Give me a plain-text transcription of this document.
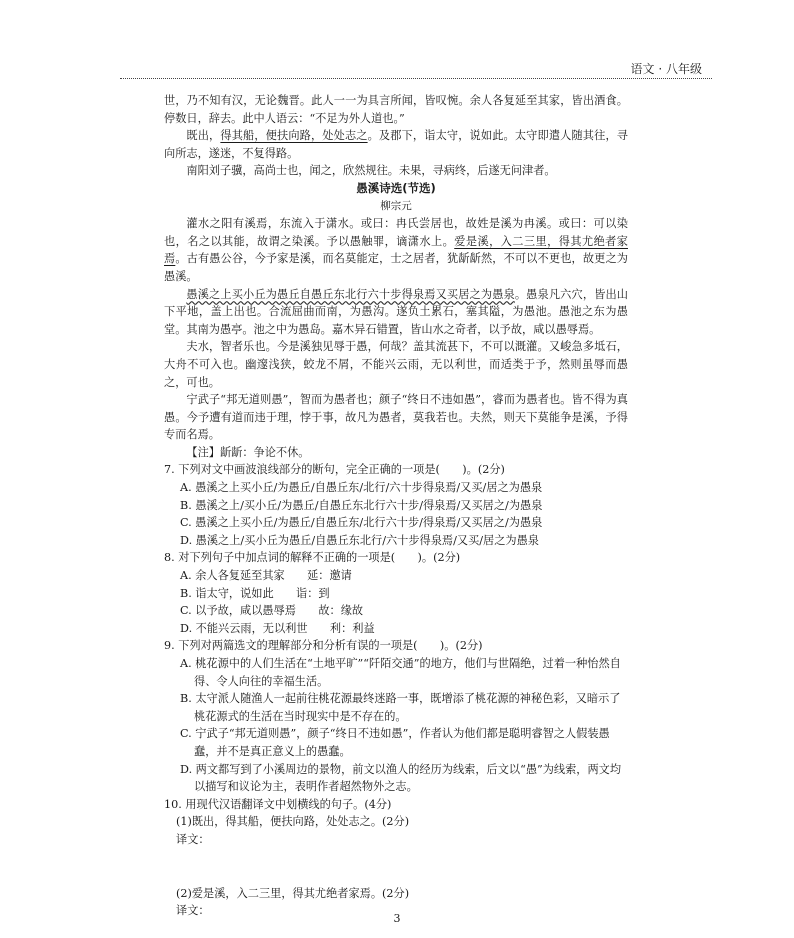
语文 · 八年级

世，乃不知有汉，无论魏晋。此人一一为具言所闻，皆叹惋。余人各复延至其家，皆出酒食。停数日，辞去。此中人语云：“不足为外人道也。”

既出，得其船，便扶向路，处处志之。及郡下，诣太守，说如此。太守即遣人随其往，寻向所志，遂迷，不复得路。

南阳刘子骥，高尚士也，闻之，欣然规往。未果，寻病终，后遂无问津者。

愚溪诗选(节选)

柳宗元

灌水之阳有溪焉，东流入于潇水。或曰：冉氏尝居也，故姓是溪为冉溪。或曰：可以染也，名之以其能，故谓之染溪。予以愚触罪，谪潇水上。爱是溪，入二三里，得其尤绝者家焉。古有愚公谷，今予家是溪，而名莫能定，士之居者，犹龂龂然，不可以不更也，故更之为愚溪。

愚溪之上买小丘为愚丘自愚丘东北行六十步得泉焉又买居之为愚泉。愚泉凡六穴，皆出山下平地，盖上出也。合流屈曲而南，为愚沟。遂负土累石，塞其隘，为愚池。愚池之东为愚堂。其南为愚亭。池之中为愚岛。嘉木异石错置，皆山水之奇者，以予故，咸以愚辱焉。

夫水，智者乐也。今是溪独见辱于愚，何哉？盖其流甚下，不可以溉灌。又峻急多坻石，大舟不可入也。幽邃浅狭，蛟龙不屑，不能兴云雨，无以利世，而适类于予，然则虽辱而愚之，可也。

宁武子“邦无道则愚”，智而为愚者也；颜子“终日不违如愚”，睿而为愚者也。皆不得为真愚。今予遭有道而违于理，悖于事，故凡为愚者，莫我若也。夫然，则天下莫能争是溪，予得专而名焉。

【注】龂龂：争论不休。

7. 下列对文中画波浪线部分的断句，完全正确的一项是(　　)。(2分)

A. 愚溪之上买小丘/为愚丘/自愚丘东/北行/六十步得泉焉/又买/居之为愚泉

B. 愚溪之上/买小丘/为愚丘/自愚丘东北行六十步/得泉焉/又买居之/为愚泉

C. 愚溪之上买小丘/为愚丘/自愚丘东/北行六十步/得泉焉/又买居之/为愚泉

D. 愚溪之上/买小丘为愚丘/自愚丘东北行/六十步得泉焉/又买/居之为愚泉

8. 对下列句子中加点词的解释不正确的一项是(　　)。(2分)

A. 余人各复延至其家　　延：邀请

B. 诣太守，说如此　　诣：到

C. 以予故，咸以愚辱焉　　故：缘故

D. 不能兴云雨，无以利世　　利：利益

9. 下列对两篇选文的理解部分和分析有误的一项是(　　)。(2分)

A. 桃花源中的人们生活在“土地平旷”“阡陌交通”的地方，他们与世隔绝，过着一种怡然自得、令人向往的幸福生活。

B. 太守派人随渔人一起前往桃花源最终迷路一事，既增添了桃花源的神秘色彩，又暗示了桃花源式的生活在当时现实中是不存在的。

C. 宁武子“邦无道则愚”，颜子“终日不违如愚”，作者认为他们都是聪明睿智之人假装愚蠢，并不是真正意义上的愚蠢。

D. 两文都写到了小溪周边的景物，前文以渔人的经历为线索，后文以“愚”为线索，两文均以描写和议论为主，表明作者超然物外之志。

10. 用现代汉语翻译文中划横线的句子。(4分)

(1)既出，得其船，便扶向路，处处志之。(2分)

译文：

(2)爱是溪，入二三里，得其尤绝者家焉。(2分)

译文：

3
